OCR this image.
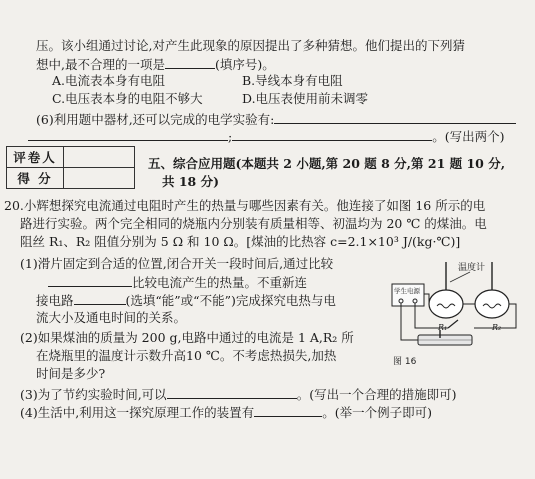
压。该小组通过讨论,对产生此现象的原因提出了多种猜想。他们提出的下列猜
想中,最不合理的一项是	(填序号)。
A.电流表本身有电阻	B.导线本身有电阻
C.电压表本身的电阻不够大	D.电压表使用前未调零
(6)利用题中器材,还可以完成的电学实验有:
;	。(写出两个)
评卷人	
得 分	
五、综合应用题(本题共 2 小题,第 20 题 8 分,第 21 题 10 分,
共 18 分)
20.小辉想探究电流通过电阻时产生的热量与哪些因素有关。他连接了如图 16 所示的电
路进行实验。两个完全相同的烧瓶内分别装有质量相等、初温均为 20 ℃ 的煤油。电
阻丝 R₁、R₂ 阻值分别为 5 Ω 和 10 Ω。[煤油的比热容 c=2.1×10³ J/(kg·℃)]
(1)滑片固定到合适的位置,闭合开关一段时间后,通过比较
比较电流产生的热量。不重新连
接电路	(选填“能”或“不能”)完成探究电热与电
流大小及通电时间的关系。
(2)如果煤油的质量为 200 g,电路中通过的电流是 1 A,R₂ 所
在烧瓶里的温度计示数升高10 ℃。不考虑热损失,加热
时间是多少?
(3)为了节约实验时间,可以	。(写出一个合理的措施即可)
(4)生活中,利用这一探究原理工作的装置有	。(举一个例子即可)
温度计
学生电源
R₁	R₂
图 16
